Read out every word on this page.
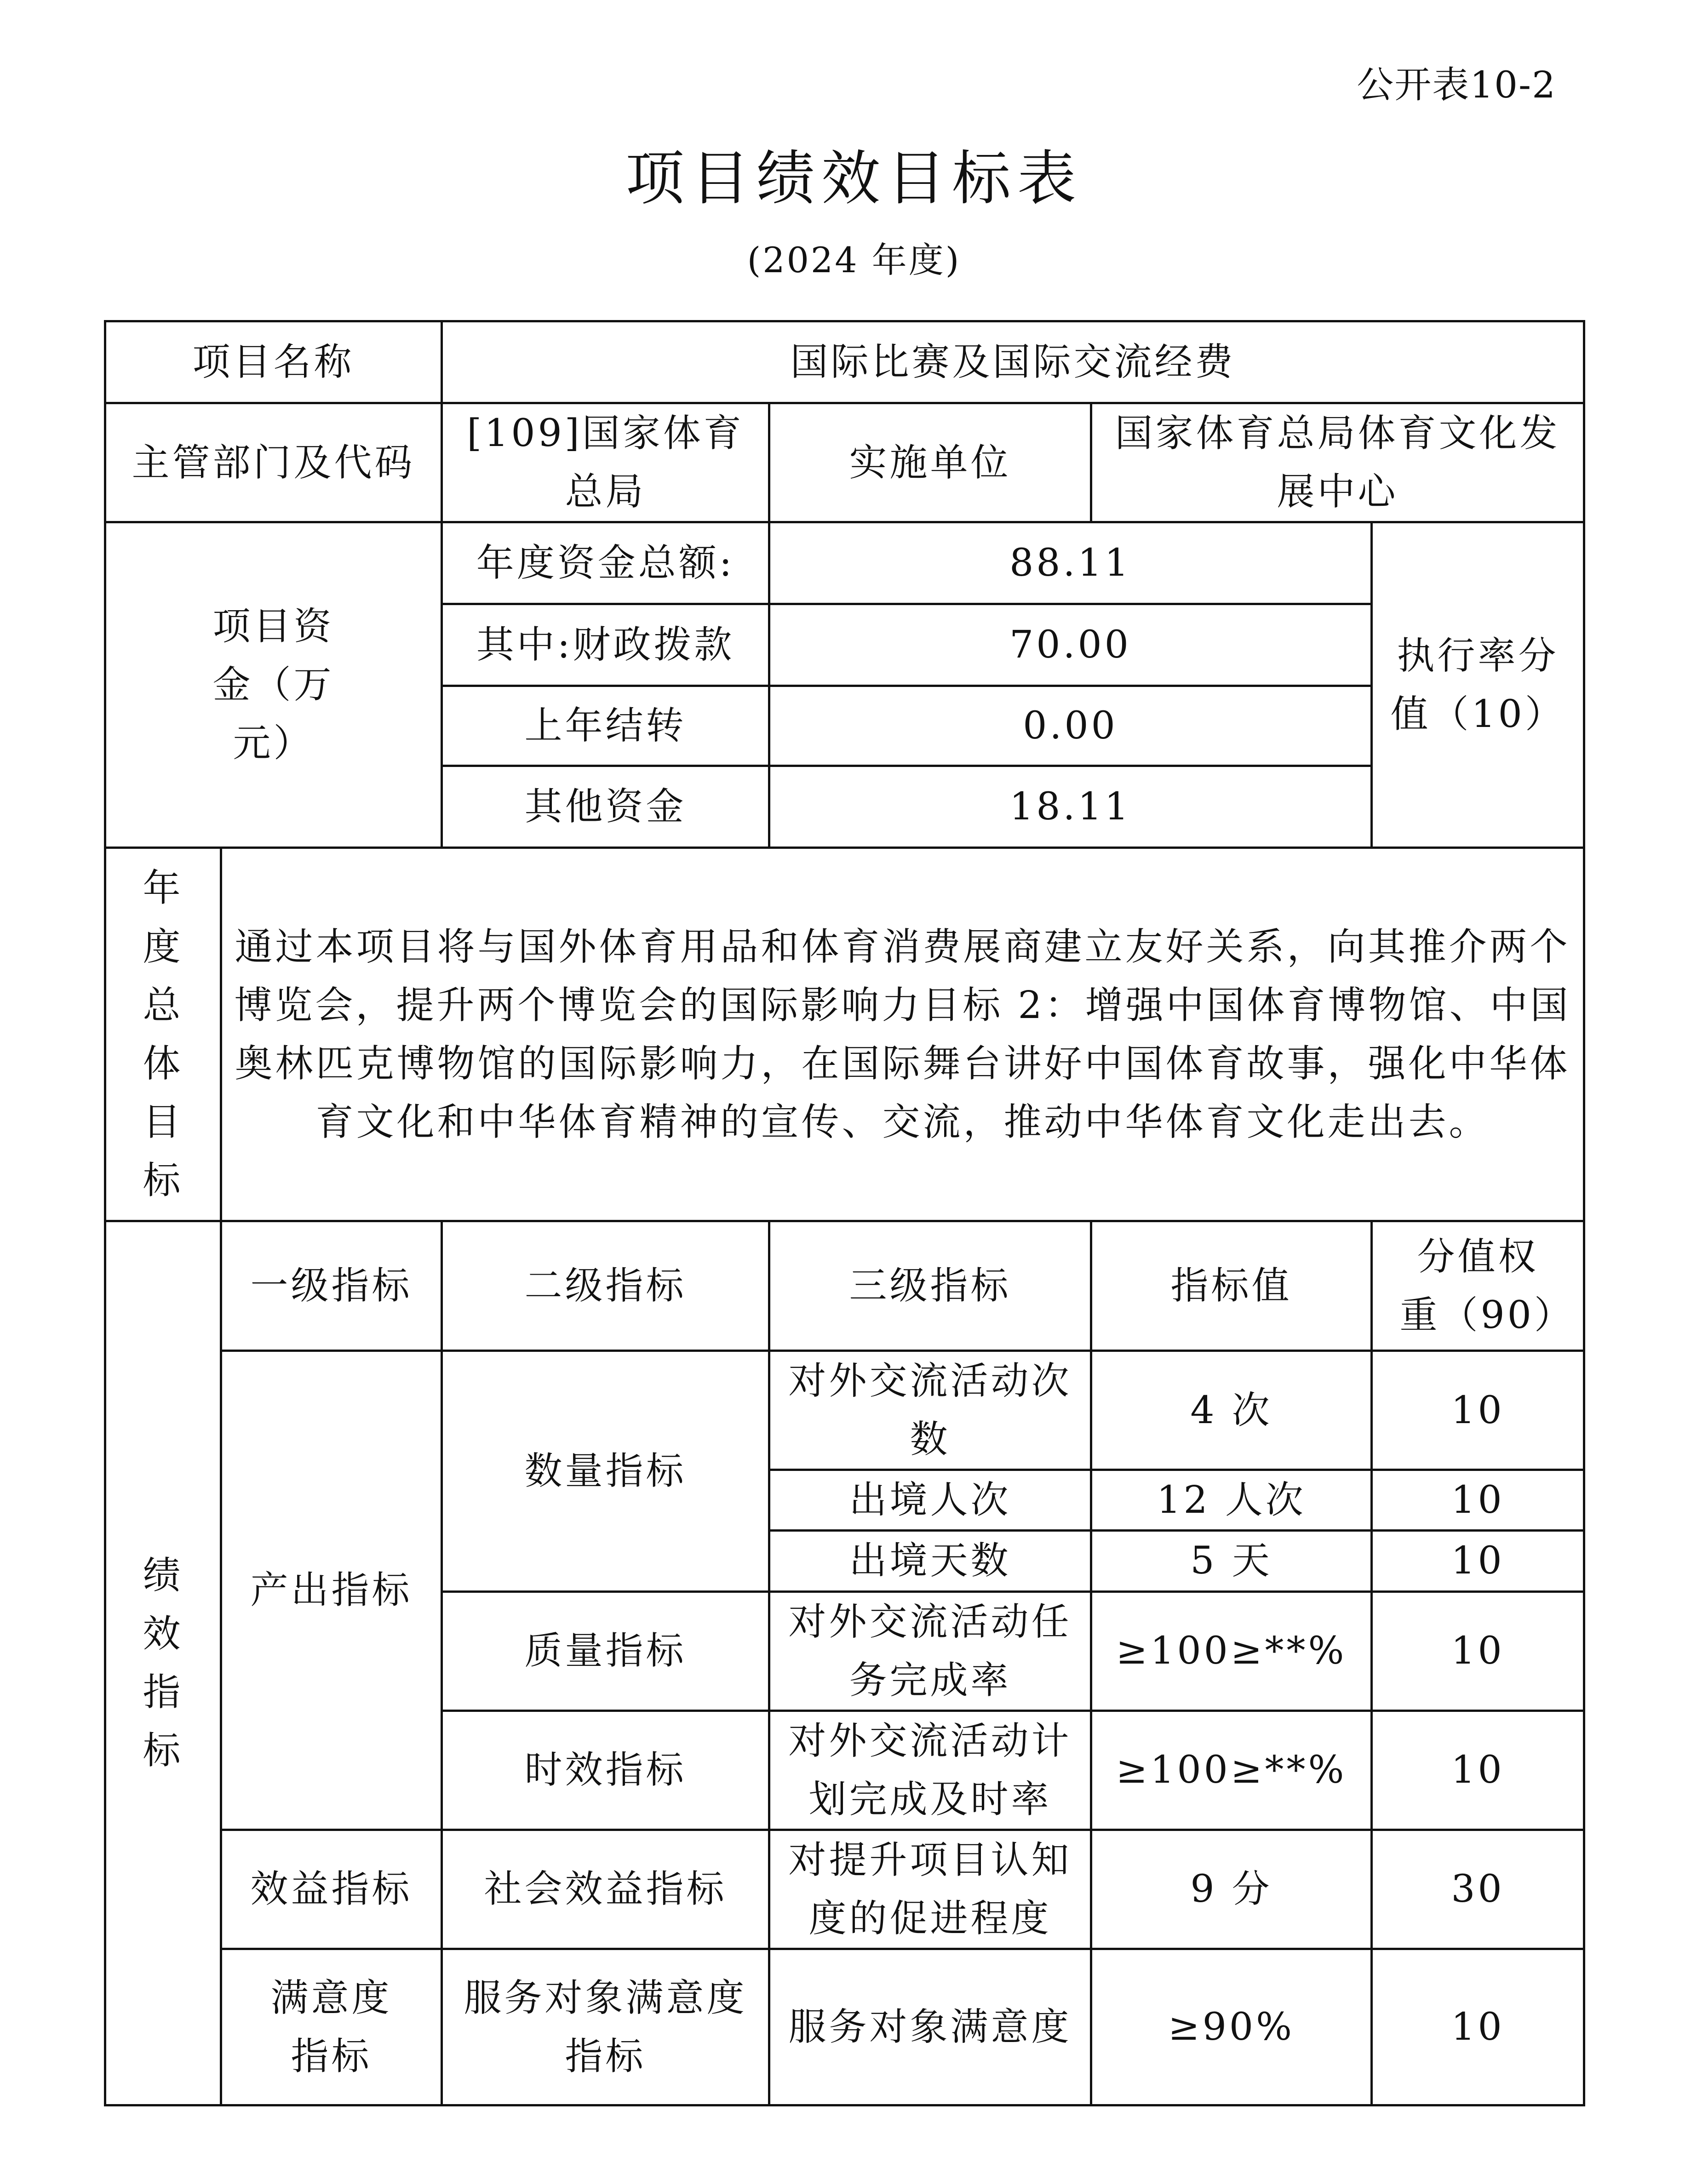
公开表10-2
项目绩效目标表
(2024 年度)
项目名称		国际比赛及国际交流经费			
主管部门及代码		[109]国家体育总局	实施单位	国家体育总局体育文化发展中心	

项目资金（万元）		年度资金总额:	88.11		执行率分值（10）

		其中:财政拨款	70.00		
		上年结转	0.00		
		其他资金	18.11		

年度总体目标	通过本项目将与国外体育用品和体育消费展商建立友好关系，向其推介两个博览会，提升两个博览会的国际影响力目标 2：增强中国体育博物馆、中国奥林匹克博物馆的国际影响力，在国际舞台讲好中国体育故事，强化中华体育文化和中华体育精神的宣传、交流，推动中华体育文化走出去。				

绩效指标	一级指标	二级指标	三级指标	指标值	分值权重（90）

	产出指标	数量指标	对外交流活动次数	4 次	10
			出境人次	12 人次	10
			出境天数	5 天	10
		质量指标	对外交流活动任务完成率	≥100≥**%	10
		时效指标	对外交流活动计划完成及时率	≥100≥**%	10
	效益指标	社会效益指标	对提升项目认知度的促进程度	9 分	30

	满意度指标	服务对象满意度指标	服务对象满意度	≥90%	10
